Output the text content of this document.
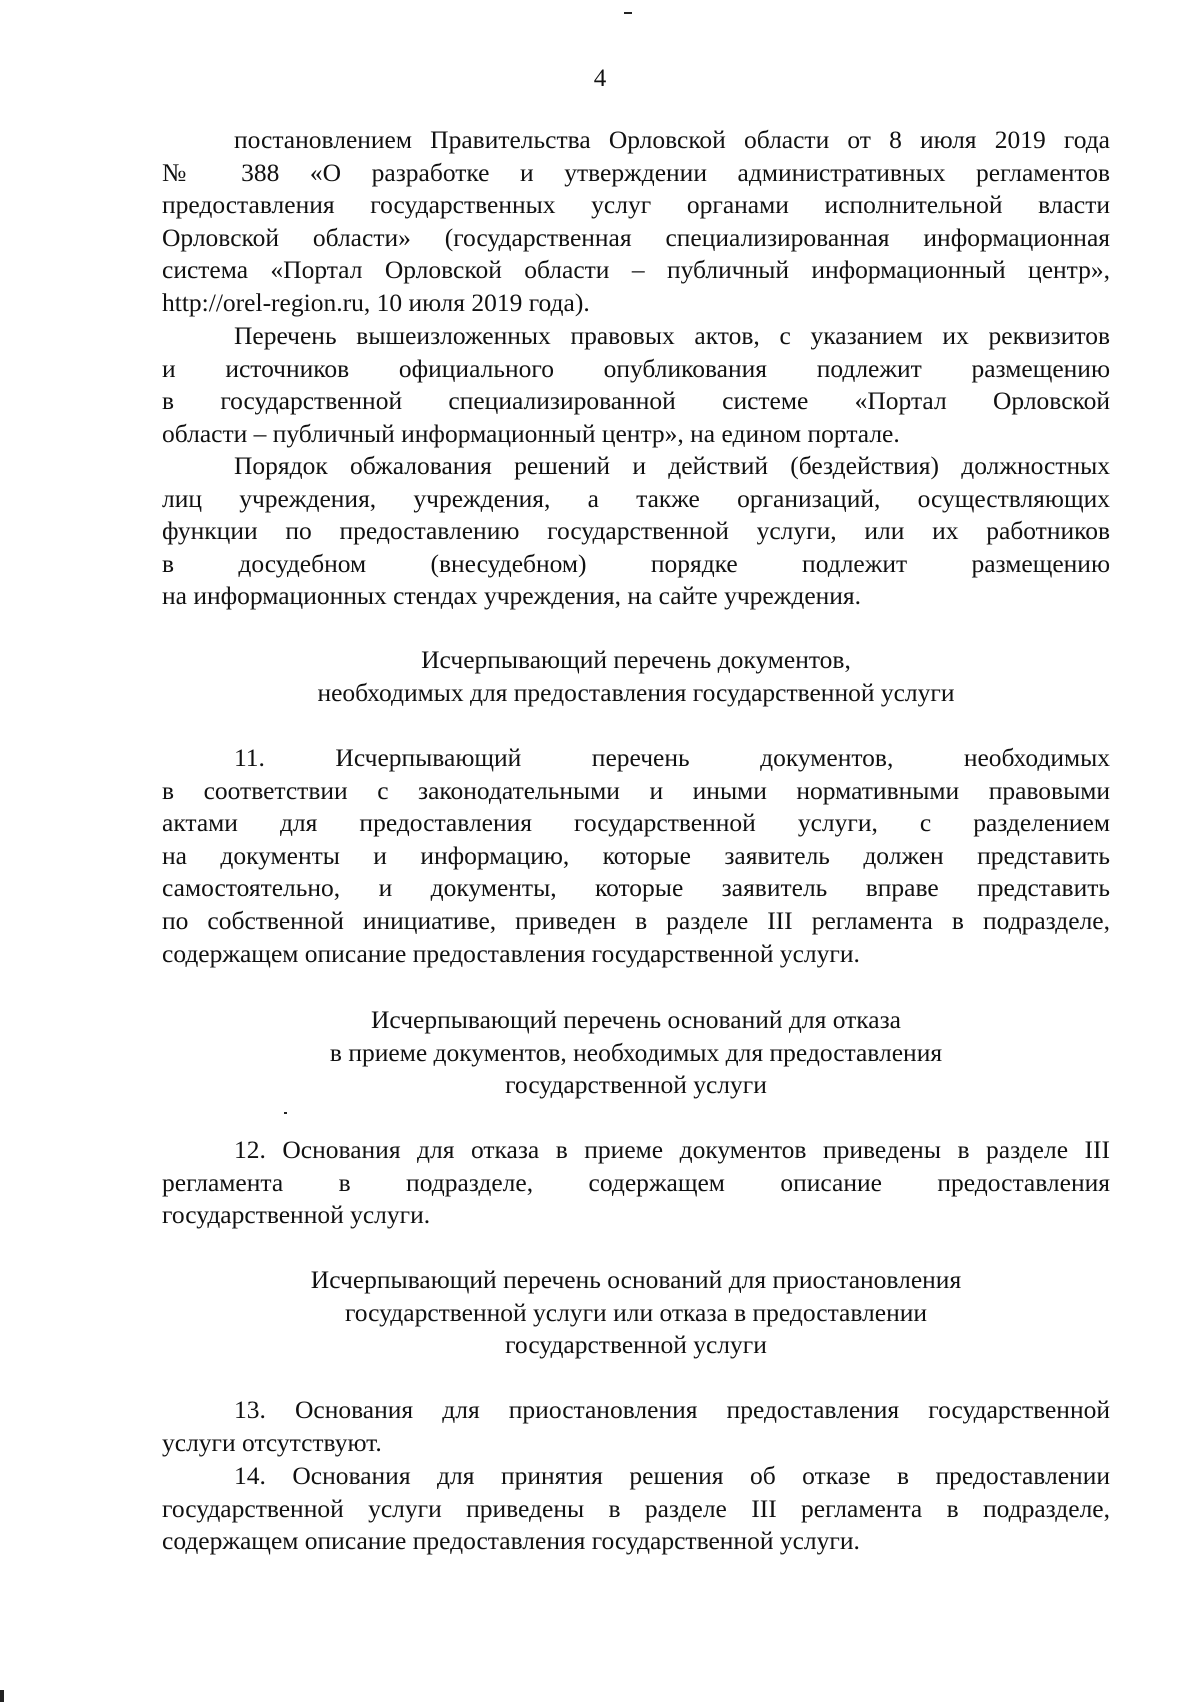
4
постановлением Правительства Орловской области от 8 июля 2019 года
№ 388 «О разработке и утверждении административных регламентов
предоставления государственных услуг органами исполнительной власти
Орловской области» (государственная специализированная информационная
система «Портал Орловской области – публичный информационный центр»,
http://orel-region.ru, 10 июля 2019 года).
Перечень вышеизложенных правовых актов, с указанием их реквизитов
и источников официального опубликования подлежит размещению
в государственной специализированной системе «Портал Орловской
области – публичный информационный центр», на едином портале.
Порядок обжалования решений и действий (бездействия) должностных
лиц учреждения, учреждения, а также организаций, осуществляющих
функции по предоставлению государственной услуги, или их работников
в досудебном (внесудебном) порядке подлежит размещению
на информационных стендах учреждения, на сайте учреждения.
Исчерпывающий перечень документов,
необходимых для предоставления государственной услуги
11. Исчерпывающий перечень документов, необходимых
в соответствии с законодательными и иными нормативными правовыми
актами для предоставления государственной услуги, с разделением
на документы и информацию, которые заявитель должен представить
самостоятельно, и документы, которые заявитель вправе представить
по собственной инициативе, приведен в разделе III регламента в подразделе,
содержащем описание предоставления государственной услуги.
Исчерпывающий перечень оснований для отказа
в приеме документов, необходимых для предоставления
государственной услуги
12. Основания для отказа в приеме документов приведены в разделе III
регламента в подразделе, содержащем описание предоставления
государственной услуги.
Исчерпывающий перечень оснований для приостановления
государственной услуги или отказа в предоставлении
государственной услуги
13. Основания для приостановления предоставления государственной
услуги отсутствуют.
14. Основания для принятия решения об отказе в предоставлении
государственной услуги приведены в разделе III регламента в подразделе,
содержащем описание предоставления государственной услуги.
